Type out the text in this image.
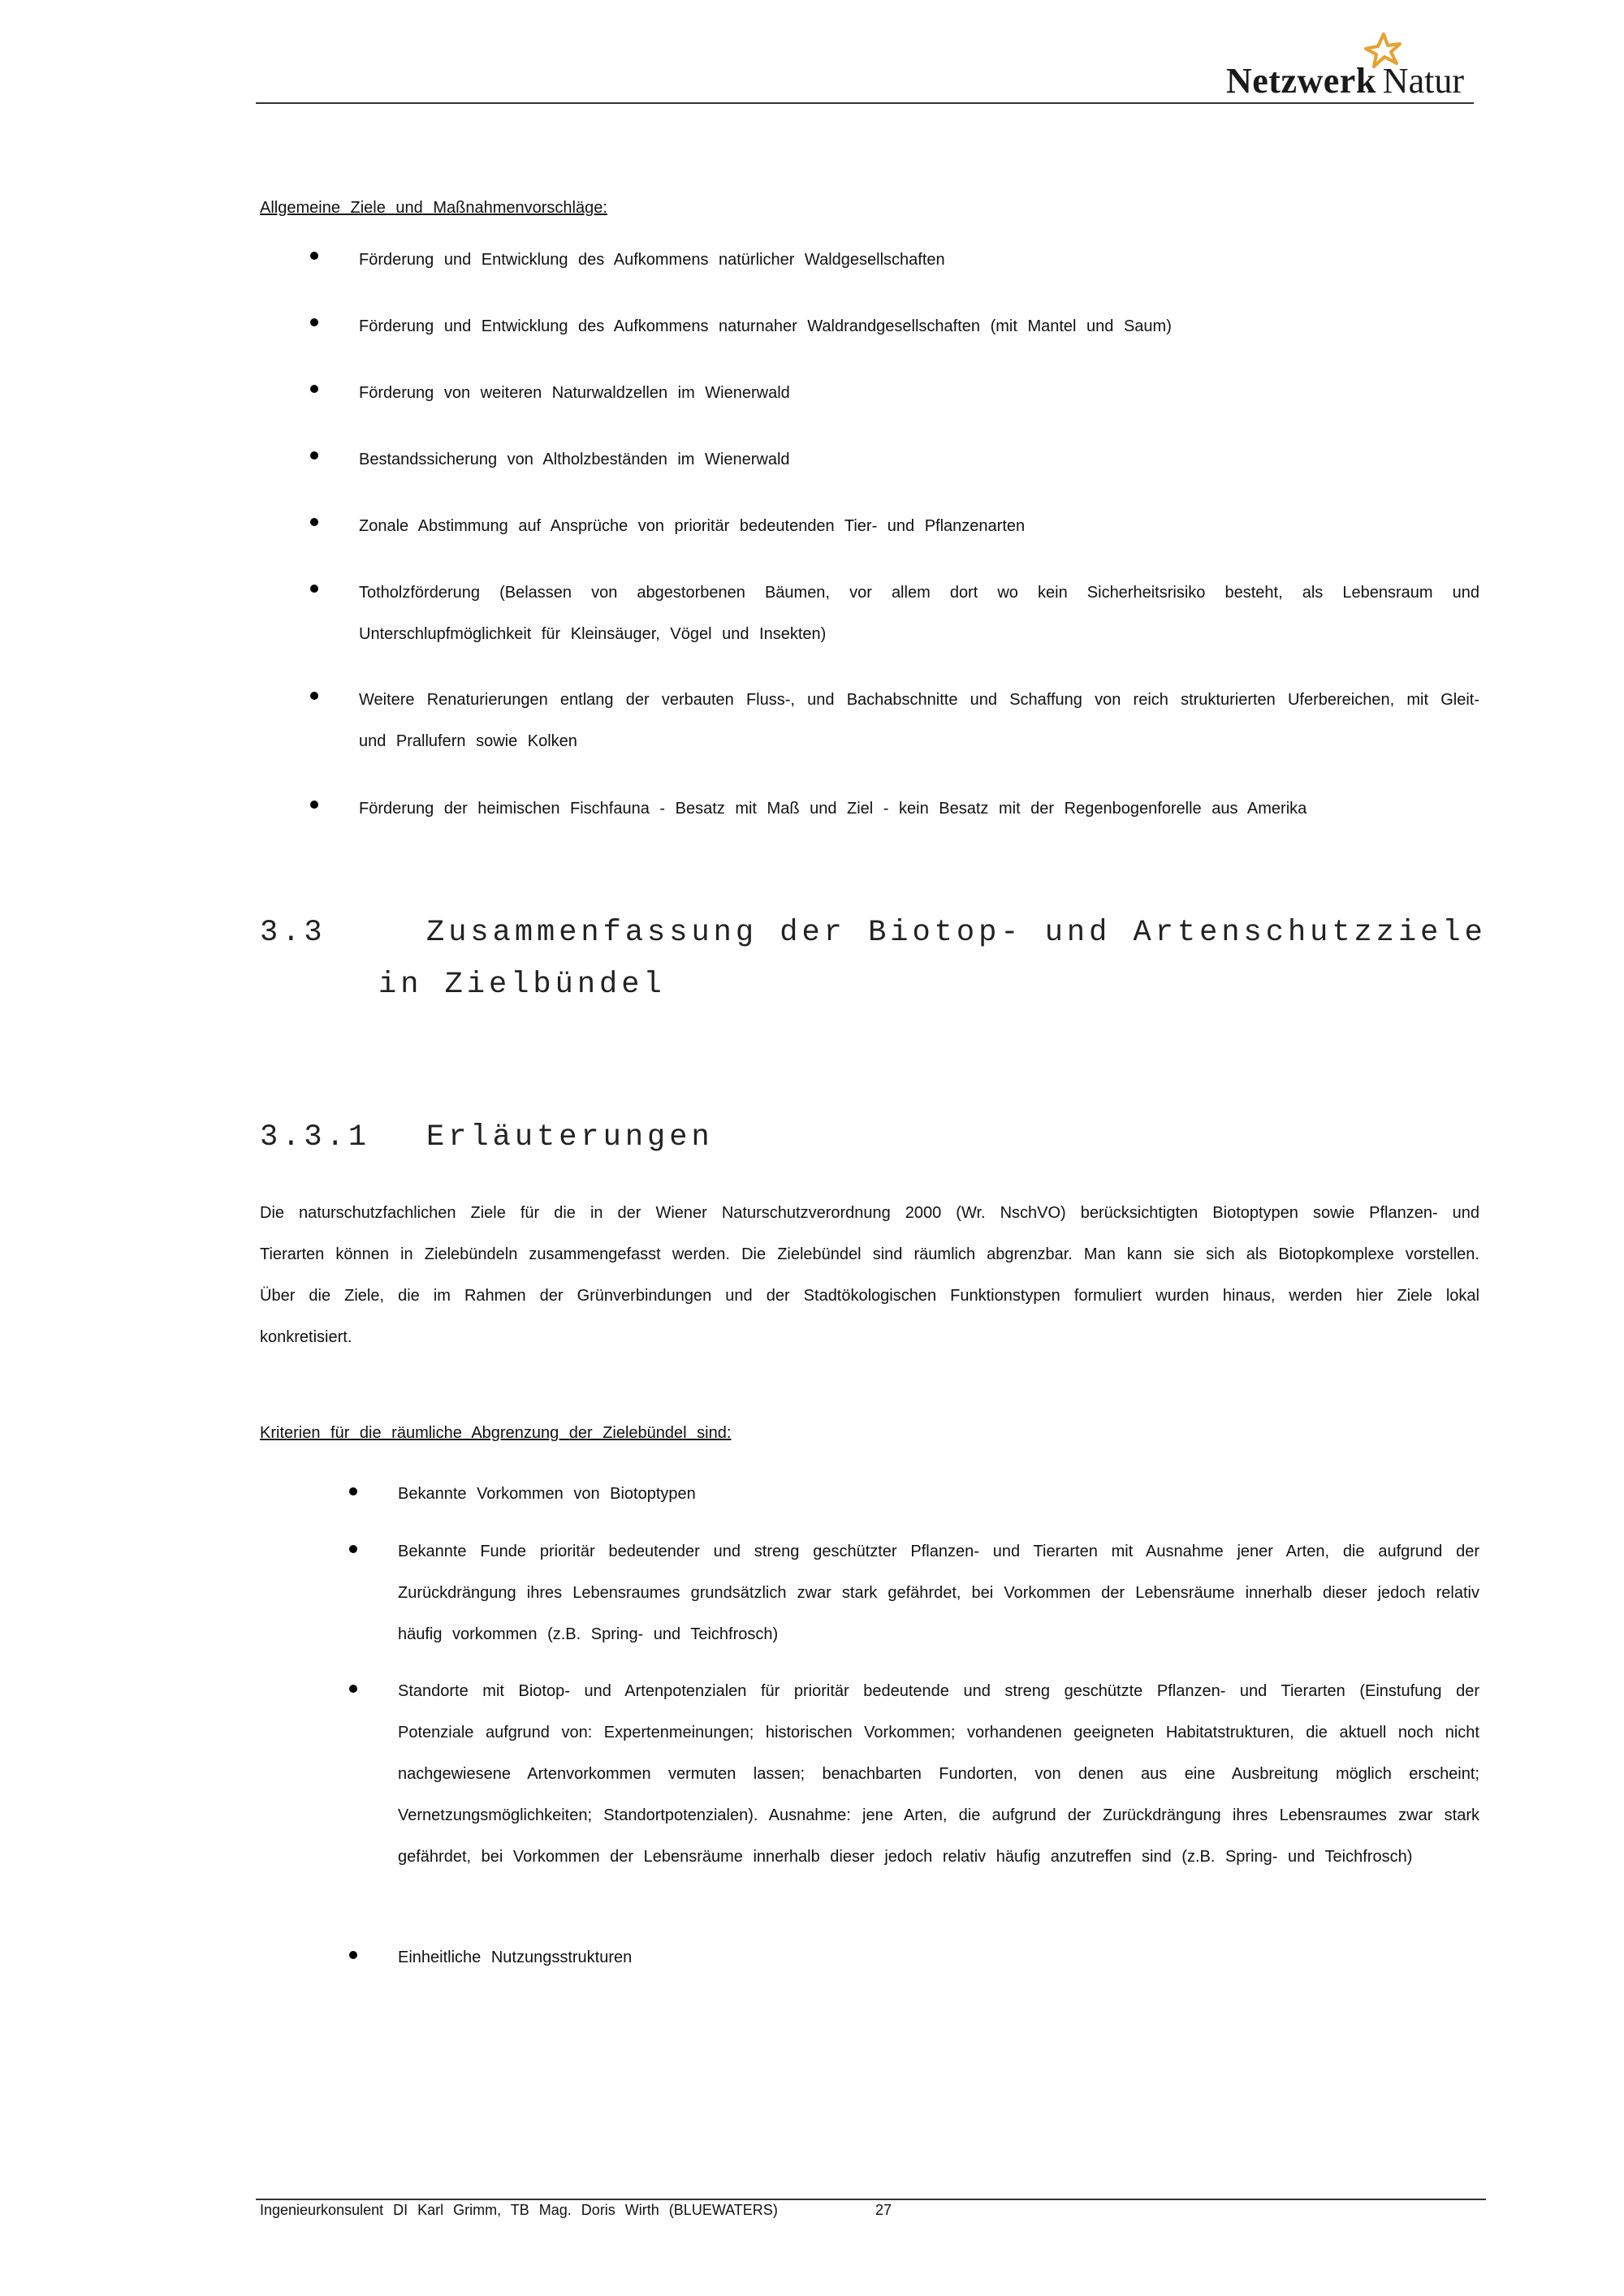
Netzwerk Natur
Allgemeine Ziele und Maßnahmenvorschläge:
Förderung und Entwicklung des Aufkommens natürlicher Waldgesellschaften
Förderung und Entwicklung des Aufkommens naturnaher Waldrandgesellschaften (mit Mantel und Saum)
Förderung von weiteren Naturwaldzellen im Wienerwald
Bestandssicherung von Altholzbeständen im Wienerwald
Zonale Abstimmung auf Ansprüche von prioritär bedeutenden Tier- und Pflanzenarten
Totholzförderung (Belassen von abgestorbenen Bäumen, vor allem dort wo kein Sicherheitsrisiko besteht, als Lebensraum und Unterschlupfmöglichkeit für Kleinsäuger, Vögel und Insekten)
Weitere Renaturierungen entlang der verbauten Fluss-, und Bachabschnitte und Schaffung von reich strukturierten Uferbereichen, mit Gleit- und Prallufern sowie Kolken
Förderung der heimischen Fischfauna - Besatz mit Maß und Ziel - kein Besatz mit der Regenbogenforelle aus Amerika
3.3	Zusammenfassung der Biotop- und Artenschutzziele
in Zielbündel
3.3.1 Erläuterungen
Die naturschutzfachlichen Ziele für die in der Wiener Naturschutzverordnung 2000 (Wr. NschVO) berücksichtigten Biotoptypen sowie Pflanzen- und Tierarten können in Zielebündeln zusammengefasst werden. Die Zielebündel sind räumlich abgrenzbar. Man kann sie sich als Biotopkomplexe vorstellen. Über die Ziele, die im Rahmen der Grünverbindungen und der Stadtökologischen Funktionstypen formuliert wurden hinaus, werden hier Ziele lokal konkretisiert.
Kriterien für die räumliche Abgrenzung der Zielebündel sind:
Bekannte Vorkommen von Biotoptypen
Bekannte Funde prioritär bedeutender und streng geschützter Pflanzen- und Tierarten mit Ausnahme jener Arten, die aufgrund der Zurückdrängung ihres Lebensraumes grundsätzlich zwar stark gefährdet, bei Vorkommen der Lebensräume innerhalb dieser jedoch relativ häufig vorkommen (z.B. Spring- und Teichfrosch)
Standorte mit Biotop- und Artenpotenzialen für prioritär bedeutende und streng geschützte Pflanzen- und Tierarten (Einstufung der Potenziale aufgrund von: Expertenmeinungen; historischen Vorkommen; vorhandenen geeigneten Habitatstrukturen, die aktuell noch nicht nachgewiesene Artenvorkommen vermuten lassen; benachbarten Fundorten, von denen aus eine Ausbreitung möglich erscheint; Vernetzungsmöglichkeiten; Standortpotenzialen). Ausnahme: jene Arten, die aufgrund der Zurückdrängung ihres Lebensraumes zwar stark gefährdet, bei Vorkommen der Lebensräume innerhalb dieser jedoch relativ häufig anzutreffen sind (z.B. Spring- und Teichfrosch)
Einheitliche Nutzungsstrukturen
Ingenieurkonsulent DI Karl Grimm, TB Mag. Doris Wirth (BLUEWATERS)	27
